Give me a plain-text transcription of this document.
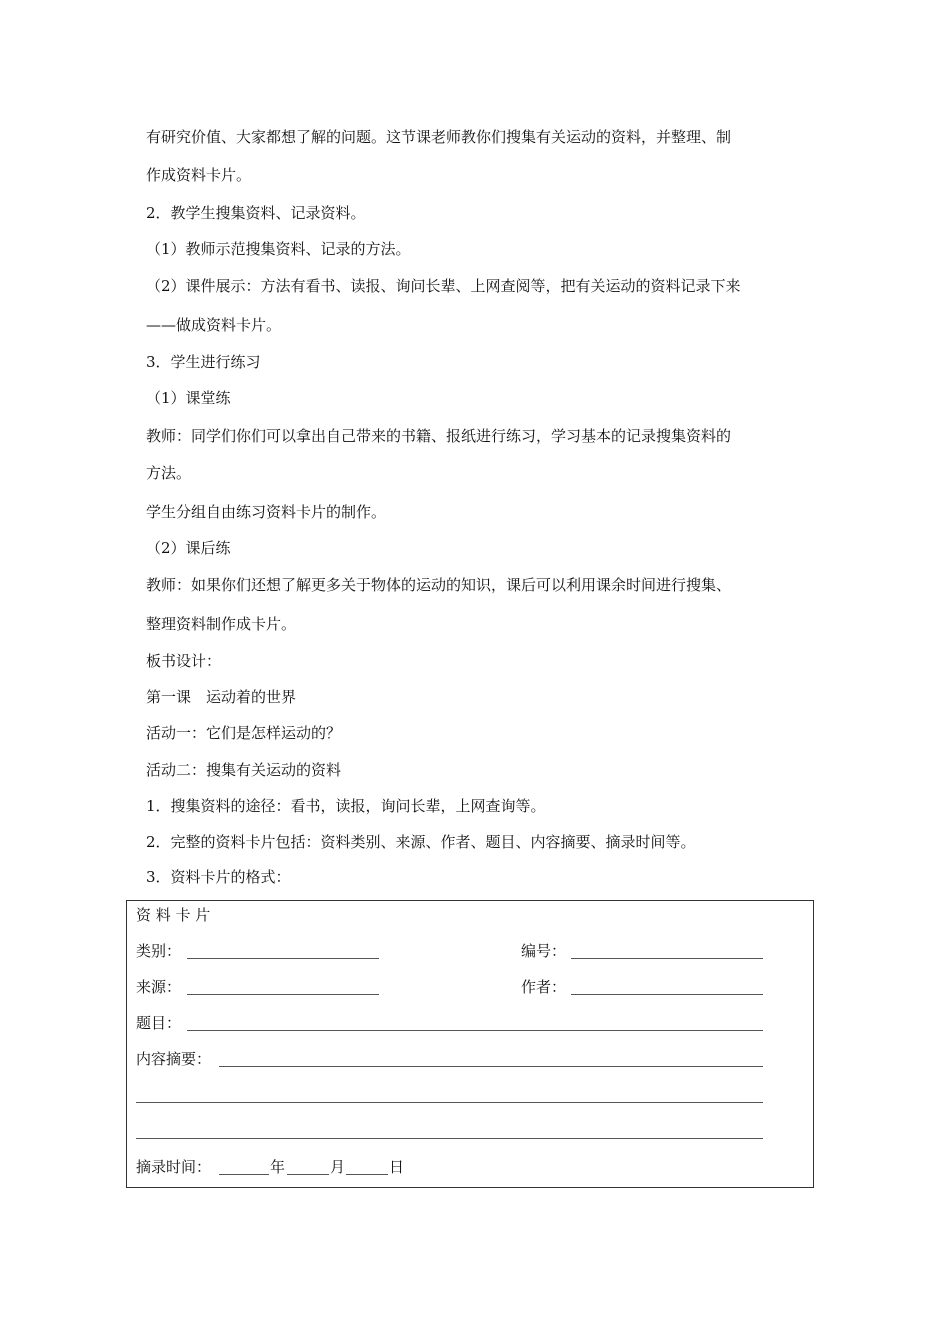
有研究价值、大家都想了解的问题。这节课老师教你们搜集有关运动的资料，并整理、制
作成资料卡片。
2．教学生搜集资料、记录资料。
（1）教师示范搜集资料、记录的方法。
（2）课件展示：方法有看书、读报、询问长辈、上网查阅等，把有关运动的资料记录下来
——做成资料卡片。
3．学生进行练习
（1）课堂练
教师：同学们你们可以拿出自己带来的书籍、报纸进行练习，学习基本的记录搜集资料的
方法。
学生分组自由练习资料卡片的制作。
（2）课后练
教师：如果你们还想了解更多关于物体的运动的知识，课后可以利用课余时间进行搜集、
整理资料制作成卡片。
板书设计：
第一课　运动着的世界
活动一：它们是怎样运动的？
活动二：搜集有关运动的资料
1．搜集资料的途径：看书，读报，询问长辈，上网查询等。
2．完整的资料卡片包括：资料类别、来源、作者、题目、内容摘要、摘录时间等。
3．资料卡片的格式：
资 料 卡 片
类别：	编号：
来源：	作者：
题目：
内容摘要：
摘录时间：	年	月	日
